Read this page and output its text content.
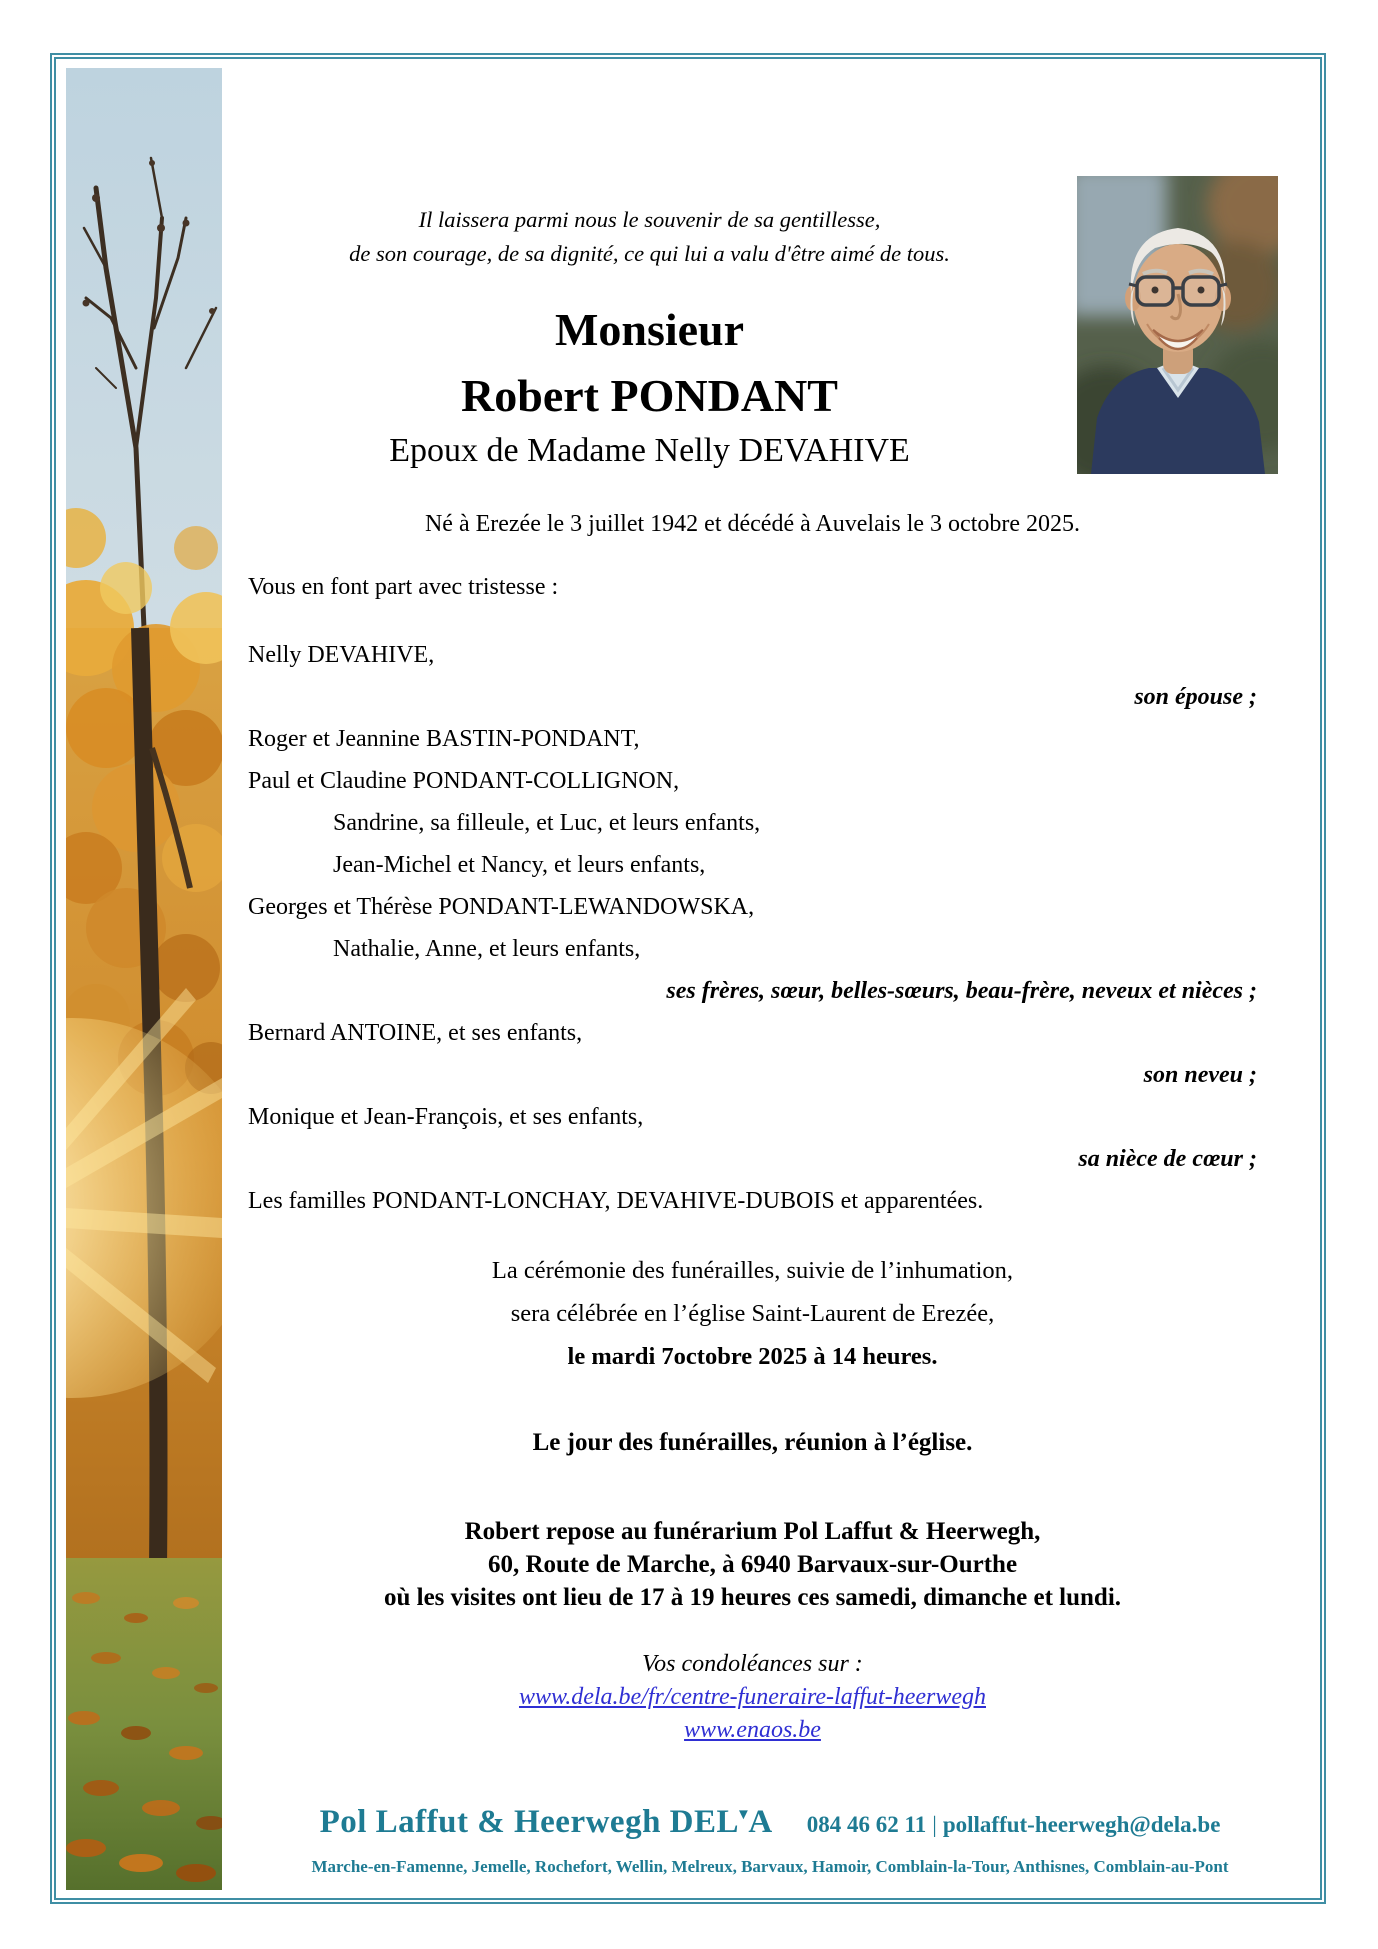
Il laissera parmi nous le souvenir de sa gentillesse,
de son courage, de sa dignité, ce qui lui a valu d'être aimé de tous.
Monsieur
Robert PONDANT
Epoux de Madame Nelly DEVAHIVE
Né à Erezée le 3 juillet 1942 et décédé à Auvelais le 3 octobre 2025.
Vous en font part avec tristesse :
Nelly DEVAHIVE,
son épouse ;
Roger et Jeannine BASTIN-PONDANT,
Paul et Claudine PONDANT-COLLIGNON,
Sandrine, sa filleule, et Luc, et leurs enfants,
Jean-Michel et Nancy, et leurs enfants,
Georges et Thérèse PONDANT-LEWANDOWSKA,
Nathalie, Anne, et leurs enfants,
ses frères, sœur, belles-sœurs, beau-frère, neveux et nièces ;
Bernard ANTOINE, et ses enfants,
son neveu ;
Monique et Jean-François, et ses enfants,
sa nièce de cœur ;
Les familles PONDANT-LONCHAY, DEVAHIVE-DUBOIS et apparentées.
La cérémonie des funérailles, suivie de l’inhumation,
sera célébrée en l’église Saint-Laurent de Erezée,
le mardi 7octobre 2025 à 14 heures.
Le jour des funérailles, réunion à l’église.
Robert repose au funérarium Pol Laffut & Heerwegh,
60, Route de Marche, à 6940 Barvaux-sur-Ourthe
où les visites ont lieu de 17 à 19 heures ces samedi, dimanche et lundi.
Vos condoléances sur :
www.dela.be/fr/centre-funeraire-laffut-heerwegh
www.enaos.be
Pol Laffut & Heerwegh DEL▼A 084 46 62 11 | pollaffut-heerwegh@dela.be
Marche-en-Famenne, Jemelle, Rochefort, Wellin, Melreux, Barvaux, Hamoir, Comblain-la-Tour, Anthisnes, Comblain-au-Pont
